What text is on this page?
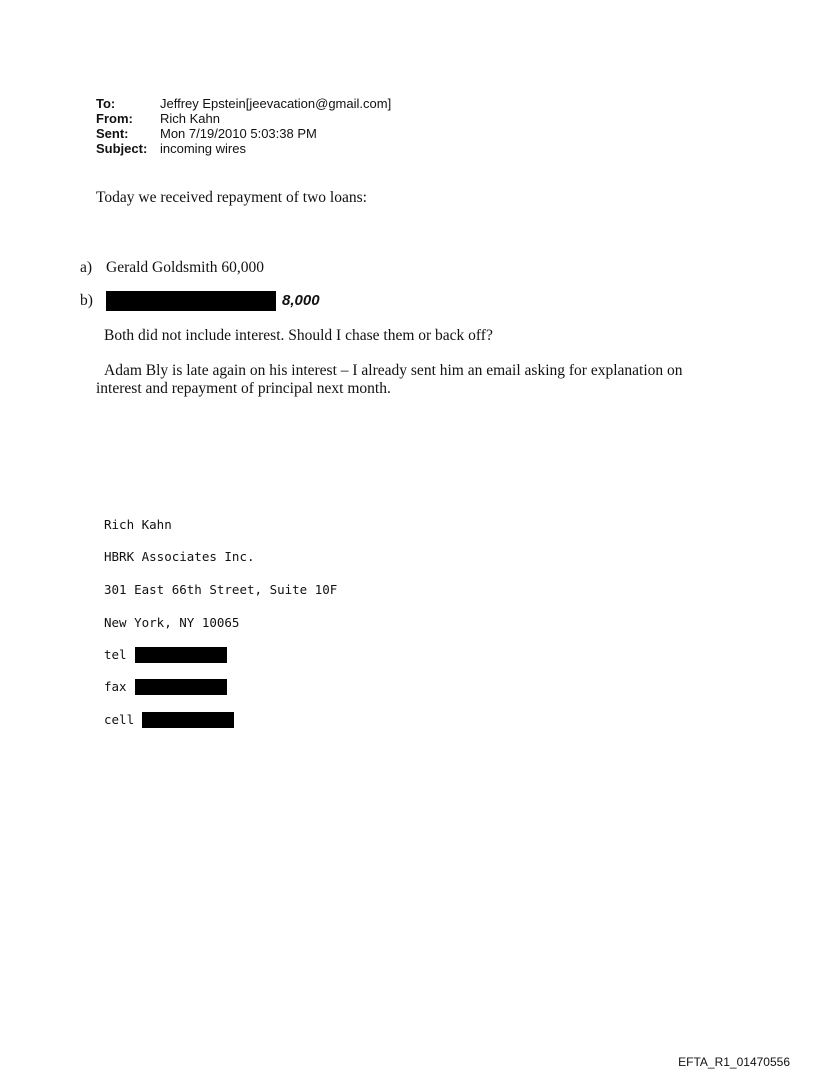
To:	Jeffrey Epstein[jeevacation@gmail.com]
From:	Rich Kahn
Sent:	Mon 7/19/2010 5:03:38 PM
Subject: incoming wires
Today we received repayment of two loans:
a) Gerald Goldsmith 60,000
b)	8,000
Both did not include interest. Should I chase them or back off?
Adam Bly is late again on his interest – I already sent him an email asking for explanation on interest and repayment of principal next month.
Rich Kahn
HBRK Associates Inc.
301 East 66th Street, Suite 10F
New York, NY 10065
tel
fax
cell
EFTA_R1_01470556
